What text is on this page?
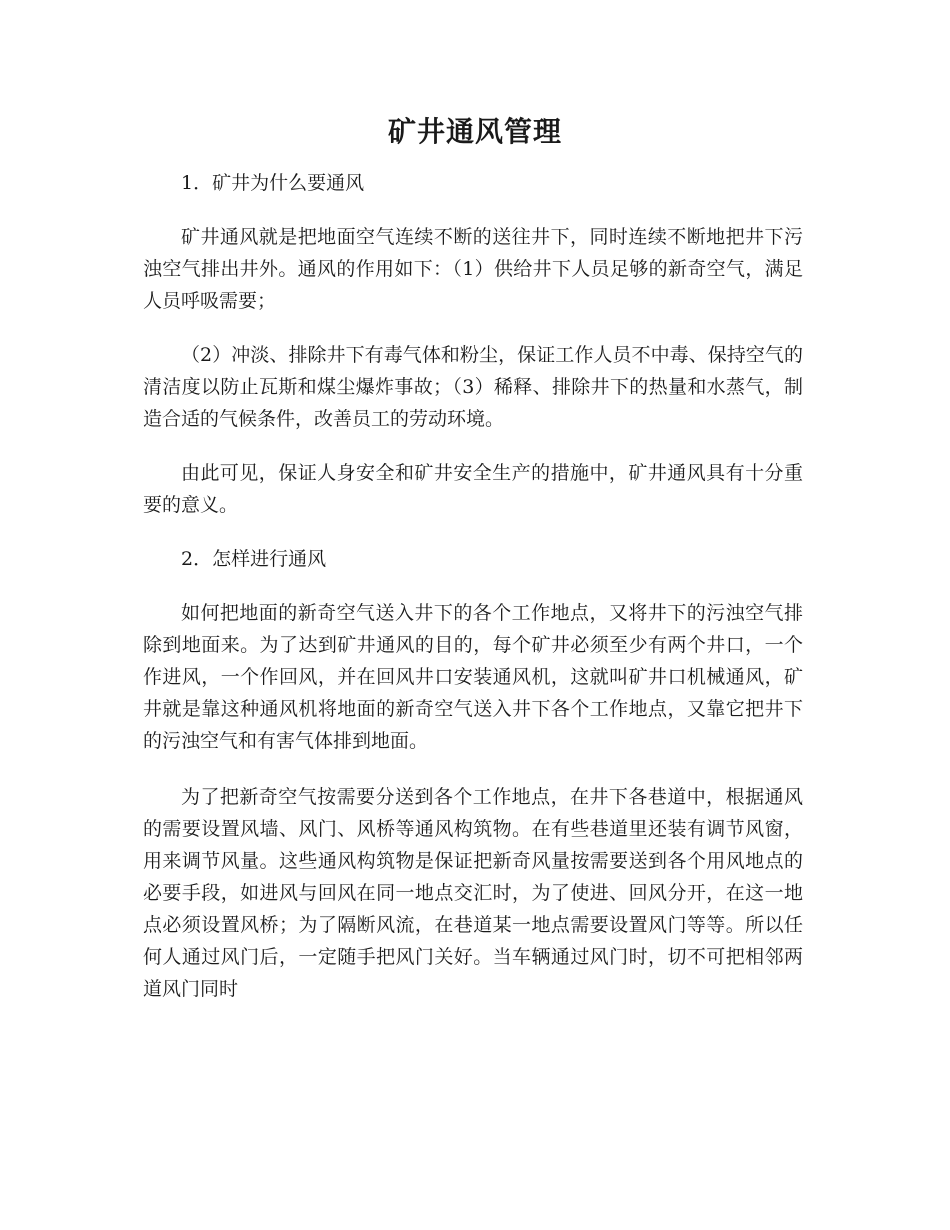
矿井通风管理

1．矿井为什么要通风

矿井通风就是把地面空气连续不断的送往井下，同时连续不断地把井下污浊空气排出井外。通风的作用如下：（1）供给井下人员足够的新奇空气，满足人员呼吸需要；

（2）冲淡、排除井下有毒气体和粉尘，保证工作人员不中毒、保持空气的清洁度以防止瓦斯和煤尘爆炸事故；（3）稀释、排除井下的热量和水蒸气，制造合适的气候条件，改善员工的劳动环境。

由此可见，保证人身安全和矿井安全生产的措施中，矿井通风具有十分重要的意义。

2．怎样进行通风

如何把地面的新奇空气送入井下的各个工作地点，又将井下的污浊空气排除到地面来。为了达到矿井通风的目的，每个矿井必须至少有两个井口，一个作进风，一个作回风，并在回风井口安装通风机，这就叫矿井口机械通风，矿井就是靠这种通风机将地面的新奇空气送入井下各个工作地点，又靠它把井下的污浊空气和有害气体排到地面。

为了把新奇空气按需要分送到各个工作地点，在井下各巷道中，根据通风的需要设置风墙、风门、风桥等通风构筑物。在有些巷道里还装有调节风窗，用来调节风量。这些通风构筑物是保证把新奇风量按需要送到各个用风地点的必要手段，如进风与回风在同一地点交汇时，为了使进、回风分开，在这一地点必须设置风桥；为了隔断风流，在巷道某一地点需要设置风门等等。所以任何人通过风门后，一定随手把风门关好。当车辆通过风门时，切不可把相邻两道风门同时
